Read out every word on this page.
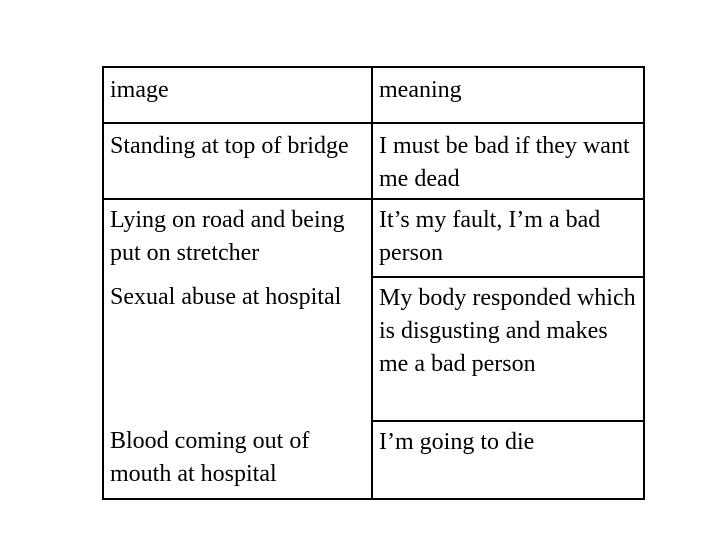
image	meaning
Standing at top of bridge	I must be bad if they want me dead
Lying on road and being put on stretcher	It’s my fault, I’m a bad person
Sexual abuse at hospital	My body responded which is disgusting and makes me a bad person
Blood coming out of mouth at hospital	I’m going to die
